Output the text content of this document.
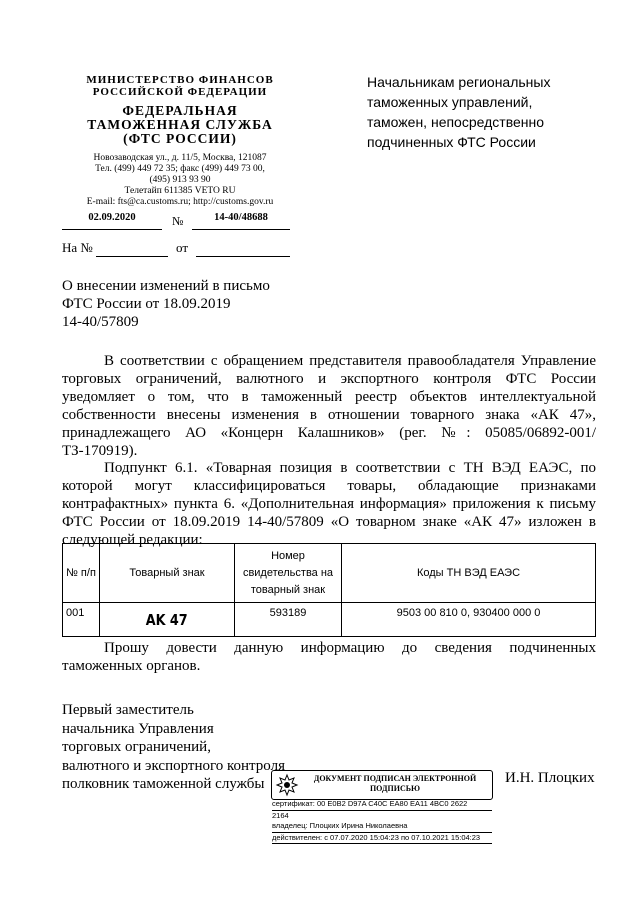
МИНИСТЕРСТВО ФИНАНСОВ
РОССИЙСКОЙ ФЕДЕРАЦИИ
ФЕДЕРАЛЬНАЯ
ТАМОЖЕННАЯ СЛУЖБА
(ФТС РОССИИ)
Новозаводская ул., д. 11/5, Москва, 121087
Тел. (499) 449 72 35; факс (499) 449 73 00,
(495) 913 93 90
Телетайп 611385 VETO RU
E-mail: fts@ca.customs.ru; http://customs.gov.ru
02.09.2020	№	14-40/48688
На №	от
Начальникам региональных
таможенных управлений,
таможен, непосредственно
подчиненных ФТС России
О внесении изменений в письмо
ФТС России от 18.09.2019
14-40/57809
В соответствии с обращением представителя правообладателя Управление торговых ограничений, валютного и экспортного контроля ФТС России уведомляет о том, что в таможенный реестр объектов интеллектуальной собственности внесены изменения в отношении товарного знака «АК 47», принадлежащего АО «Концерн Калашников» (рег. №: 05085/06892-001/ ТЗ-170919).
Подпункт 6.1. «Товарная позиция в соответствии с ТН ВЭД ЕАЭС, по которой могут классифицироваться товары, обладающие признаками контрафактных» пункта 6. «Дополнительная информация» приложения к письму ФТС России от 18.09.2019 14-40/57809 «О товарном знаке «АК 47» изложен в следующей редакции:
№ п/п	Товарный знак	Номер свидетельства на товарный знак	Коды ТН ВЭД ЕАЭС
001	AK 47	593189	9503 00 810 0, 930400 000 0
Прошу довести данную информацию до сведения подчиненных таможенных органов.
Первый заместитель
начальника Управления
торговых ограничений,
валютного и экспортного контроля
полковник таможенной службы	И.Н. Плоцких
ДОКУМЕНТ ПОДПИСАН ЭЛЕКТРОННОЙ
ПОДПИСЬЮ
сертификат: 00 E0B2 D97A C40C EA80 EA11 4BC0 2622
2164
владелец: Плоцких Ирина Николаевна
действителен: с 07.07.2020 15:04:23 по 07.10.2021 15:04:23
